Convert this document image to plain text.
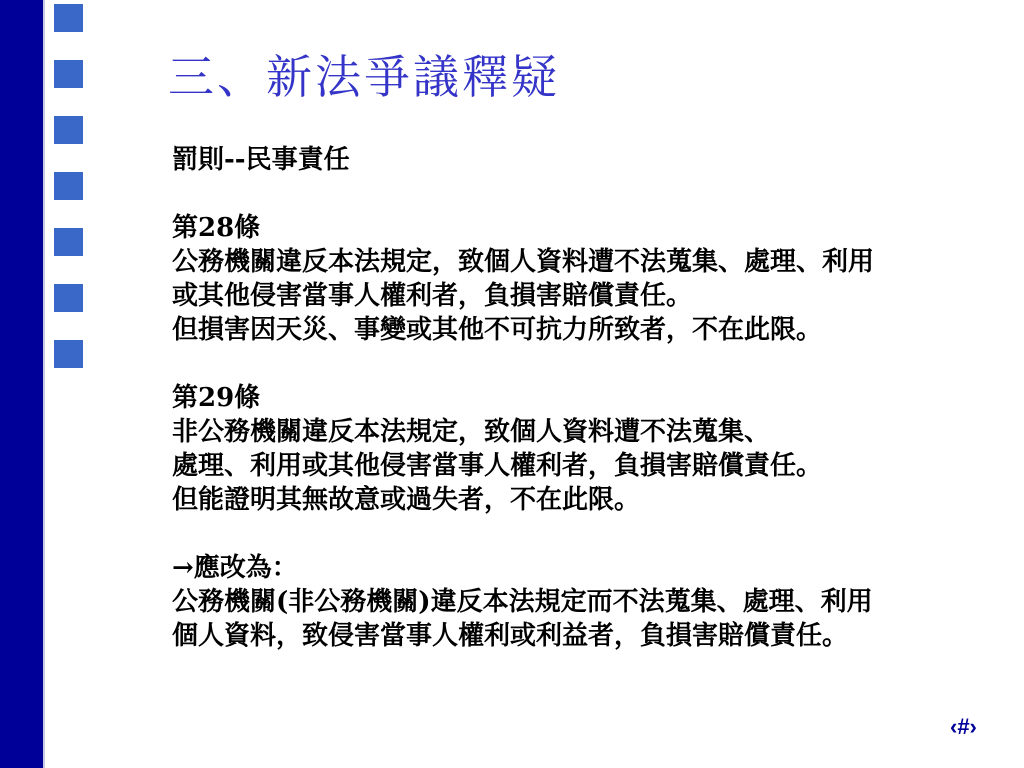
三、新法爭議釋疑
罰則--民事責任
第28條
公務機關違反本法規定，致個人資料遭不法蒐集、處理、利用
或其他侵害當事人權利者，負損害賠償責任。
但損害因天災、事變或其他不可抗力所致者，不在此限。
第29條
非公務機關違反本法規定，致個人資料遭不法蒐集、
處理、利用或其他侵害當事人權利者，負損害賠償責任。
但能證明其無故意或過失者，不在此限。
→應改為：
公務機關(非公務機關)違反本法規定而不法蒐集、處理、利用
個人資料，致侵害當事人權利或利益者，負損害賠償責任。
‹#›
